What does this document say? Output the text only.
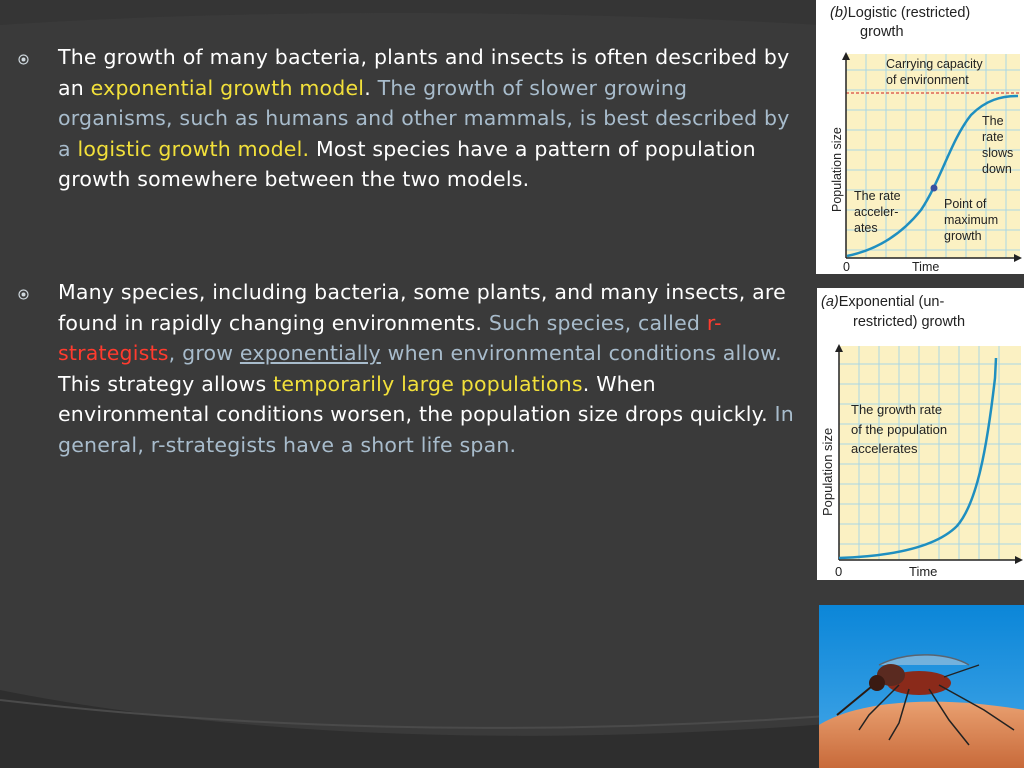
The growth of many bacteria, plants and insects is often described by an exponential growth model. The growth of slower growing organisms, such as humans and other mammals, is best described by a logistic growth model. Most species have a pattern of population growth somewhere between the two models.
Many species, including bacteria, some plants, and many insects, are found in rapidly changing environments. Such species, called r-strategists, grow exponentially when environmental conditions allow. This strategy allows temporarily large populations. When environmental conditions worsen, the population size drops quickly. In general, r-strategists have a short life span.
(b)Logistic (restricted)
growth
Carrying capacity
of environment
The
rate
slows
down
The rate
acceler-
ates
Point of
maximum
growth
Population size
Time
0
(a)Exponential (un-
restricted) growth
The growth rate
of the population
accelerates
Population size
Time
0
